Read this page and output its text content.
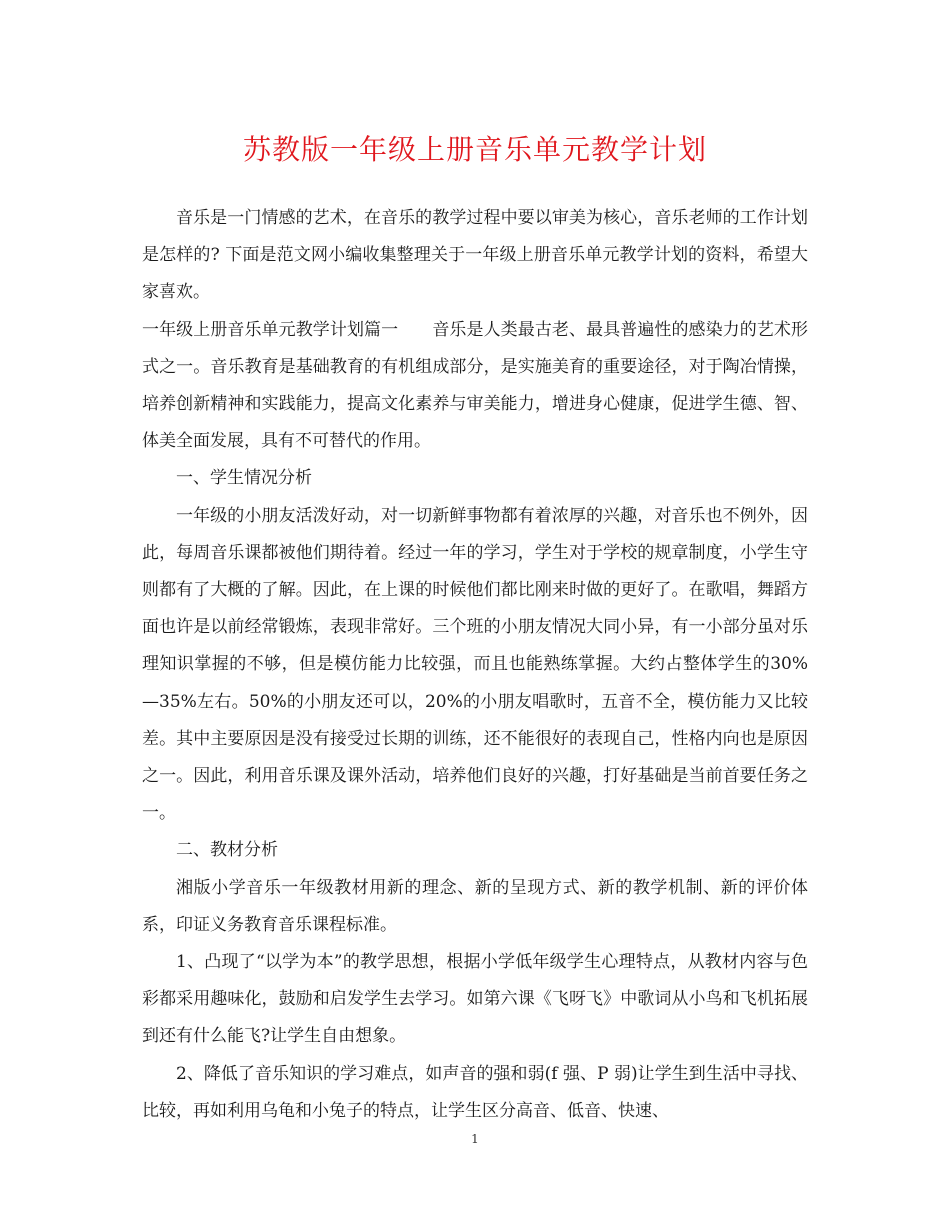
苏教版一年级上册音乐单元教学计划

音乐是一门情感的艺术，在音乐的教学过程中要以审美为核心，音乐老师的工作计划是怎样的? 下面是范文网小编收集整理关于一年级上册音乐单元教学计划的资料，希望大家喜欢。

一年级上册音乐单元教学计划篇一　　音乐是人类最古老、最具普遍性的感染力的艺术形式之一。音乐教育是基础教育的有机组成部分，是实施美育的重要途径，对于陶冶情操，培养创新精神和实践能力，提高文化素养与审美能力，增进身心健康，促进学生德、智、体美全面发展，具有不可替代的作用。

一、学生情况分析

一年级的小朋友活泼好动，对一切新鲜事物都有着浓厚的兴趣，对音乐也不例外，因此，每周音乐课都被他们期待着。经过一年的学习，学生对于学校的规章制度，小学生守则都有了大概的了解。因此，在上课的时候他们都比刚来时做的更好了。在歌唱，舞蹈方面也许是以前经常锻炼，表现非常好。三个班的小朋友情况大同小异，有一小部分虽对乐理知识掌握的不够，但是模仿能力比较强，而且也能熟练掌握。大约占整体学生的30%—35%左右。50%的小朋友还可以，20%的小朋友唱歌时，五音不全，模仿能力又比较差。其中主要原因是没有接受过长期的训练，还不能很好的表现自己，性格内向也是原因之一。因此，利用音乐课及课外活动，培养他们良好的兴趣，打好基础是当前首要任务之一。

二、教材分析

湘版小学音乐一年级教材用新的理念、新的呈现方式、新的教学机制、新的评价体系，印证义务教育音乐课程标准。

1、凸现了“以学为本”的教学思想，根据小学低年级学生心理特点，从教材内容与色彩都采用趣味化，鼓励和启发学生去学习。如第六课《飞呀飞》中歌词从小鸟和飞机拓展到还有什么能飞?让学生自由想象。

2、降低了音乐知识的学习难点，如声音的强和弱(f 强、P 弱)让学生到生活中寻找、比较，再如利用乌龟和小兔子的特点，让学生区分高音、低音、快速、

1
